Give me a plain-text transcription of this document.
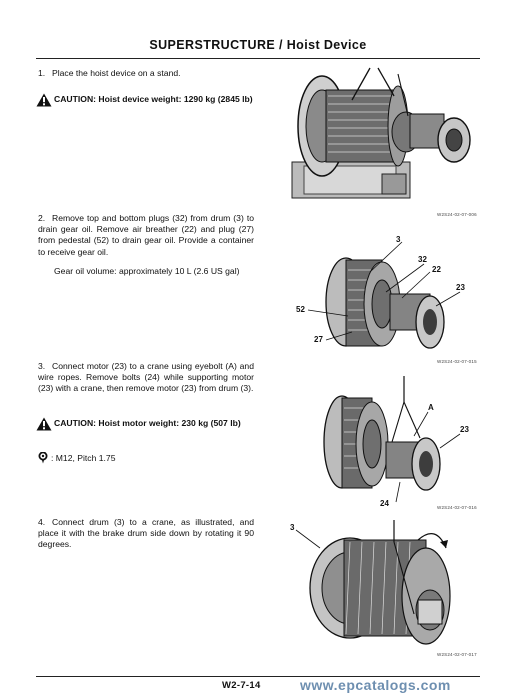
SUPERSTRUCTURE / Hoist Device
1. Place the hoist device on a stand.
CAUTION: Hoist device weight: 1290 kg (2845 lb)
2. Remove top and bottom plugs (32) from drum (3) to drain gear oil. Remove air breather (22) and plug (27) from pedestal (52) to drain gear oil. Provide a container to receive gear oil.
Gear oil volume: approximately 10 L (2.6 US gal)
3. Connect motor (23) to a crane using eyebolt (A) and wire ropes. Remove bolts (24) while supporting motor (23) with a crane, then remove motor (23) from drum (3).
CAUTION: Hoist motor weight: 230 kg (507 lb)
: M12, Pitch 1.75
4. Connect drum (3) to a crane, as illustrated, and place it with the brake drum side down by rotating it 90 degrees.
W2S24-02-07-006
3
32
22
23
52
27
W2S24-02-07-015
A
23
24	W2S24-02-07-016
3
W2S24-02-07-017
W2-7-14	www.epcatalogs.com
